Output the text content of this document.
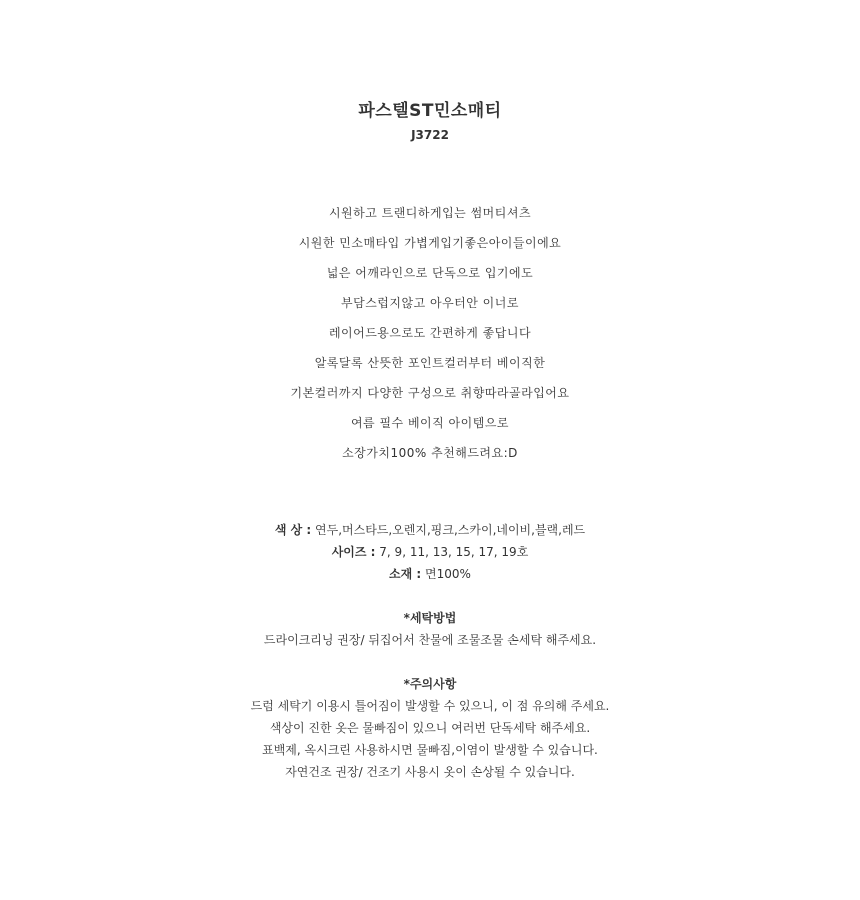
파스텔ST민소매티
J3722
시원하고 트랜디하게입는 썸머티셔츠
시원한 민소매타입 가볍게입기좋은아이들이에요
넓은 어깨라인으로 단독으로 입기에도
부담스럽지않고 아우터안 이너로
레이어드용으로도 간편하게 좋답니다
알록달록 산뜻한 포인트컬러부터 베이직한
기본컬러까지 다양한 구성으로 취향따라골라입어요
여름 필수 베이직 아이템으로
소장가치100% 추천해드려요:D
색 상 : 연두,머스타드,오렌지,핑크,스카이,네이비,블랙,레드
사이즈 : 7, 9, 11, 13, 15, 17, 19호
소재 : 면100%
*세탁방법
드라이크리닝 권장/ 뒤집어서 찬물에 조물조물 손세탁 해주세요.
*주의사항
드럼 세탁기 이용시 틀어짐이 발생할 수 있으니, 이 점 유의해 주세요.
색상이 진한 옷은 물빠짐이 있으니 여러번 단독세탁 해주세요.
표백제, 옥시크린 사용하시면 물빠짐,이염이 발생할 수 있습니다.
자연건조 권장/ 건조기 사용시 옷이 손상될 수 있습니다.
